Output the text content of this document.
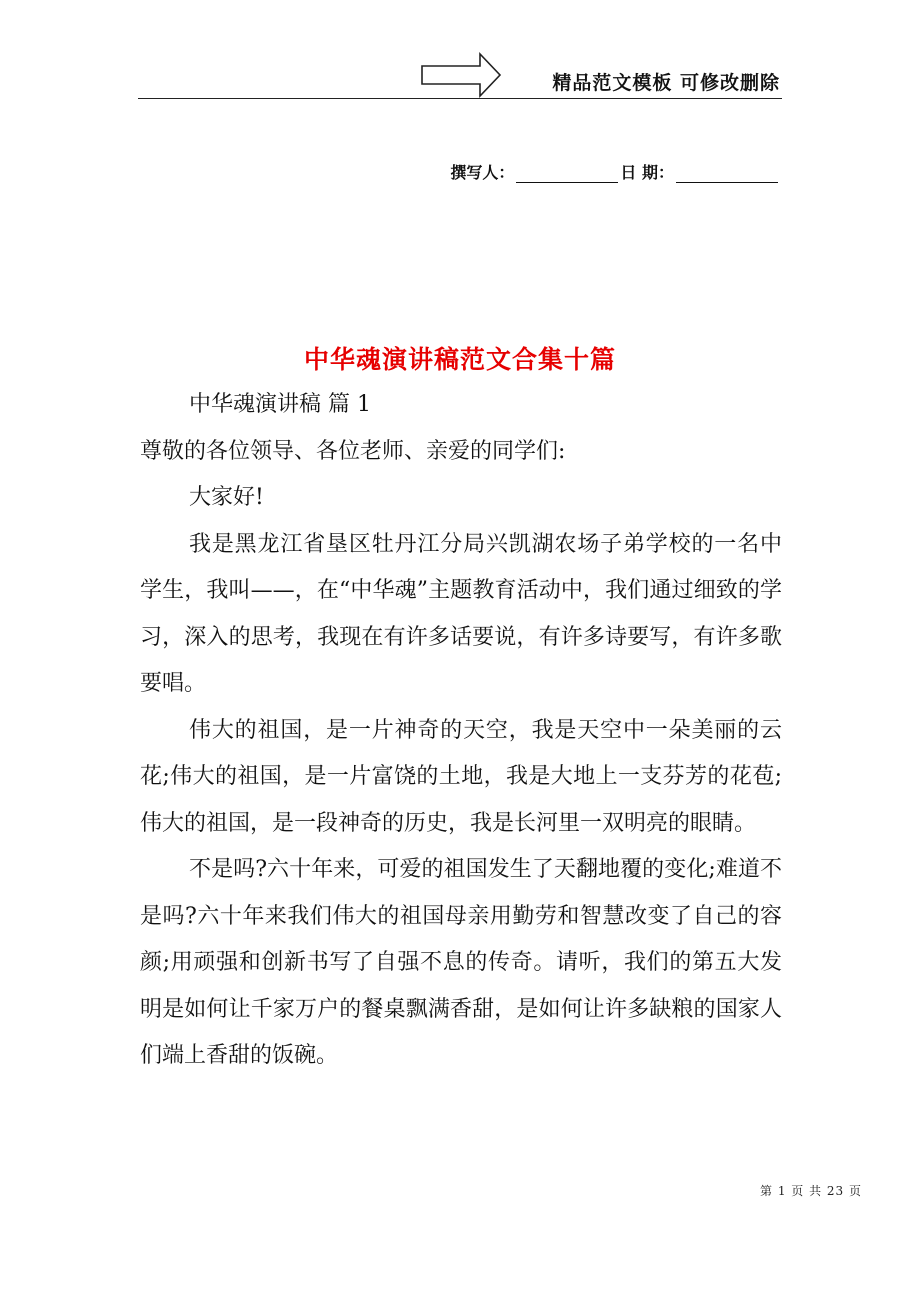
精品范文模板 可修改删除
撰写人：	日 期：
中华魂演讲稿范文合集十篇

中华魂演讲稿 篇 1

尊敬的各位领导、各位老师、亲爱的同学们:

大家好!

我是黑龙江省垦区牡丹江分局兴凯湖农场子弟学校的一名中学生，我叫——，在“中华魂”主题教育活动中，我们通过细致的学习，深入的思考，我现在有许多话要说，有许多诗要写，有许多歌要唱。

伟大的祖国，是一片神奇的天空，我是天空中一朵美丽的云花;伟大的祖国，是一片富饶的土地，我是大地上一支芬芳的花苞;伟大的祖国，是一段神奇的历史，我是长河里一双明亮的眼睛。

不是吗?六十年来，可爱的祖国发生了天翻地覆的变化;难道不是吗?六十年来我们伟大的祖国母亲用勤劳和智慧改变了自己的容颜;用顽强和创新书写了自强不息的传奇。请听，我们的第五大发明是如何让千家万户的餐桌飘满香甜，是如何让许多缺粮的国家人们端上香甜的饭碗。

第 1 页 共 23 页
